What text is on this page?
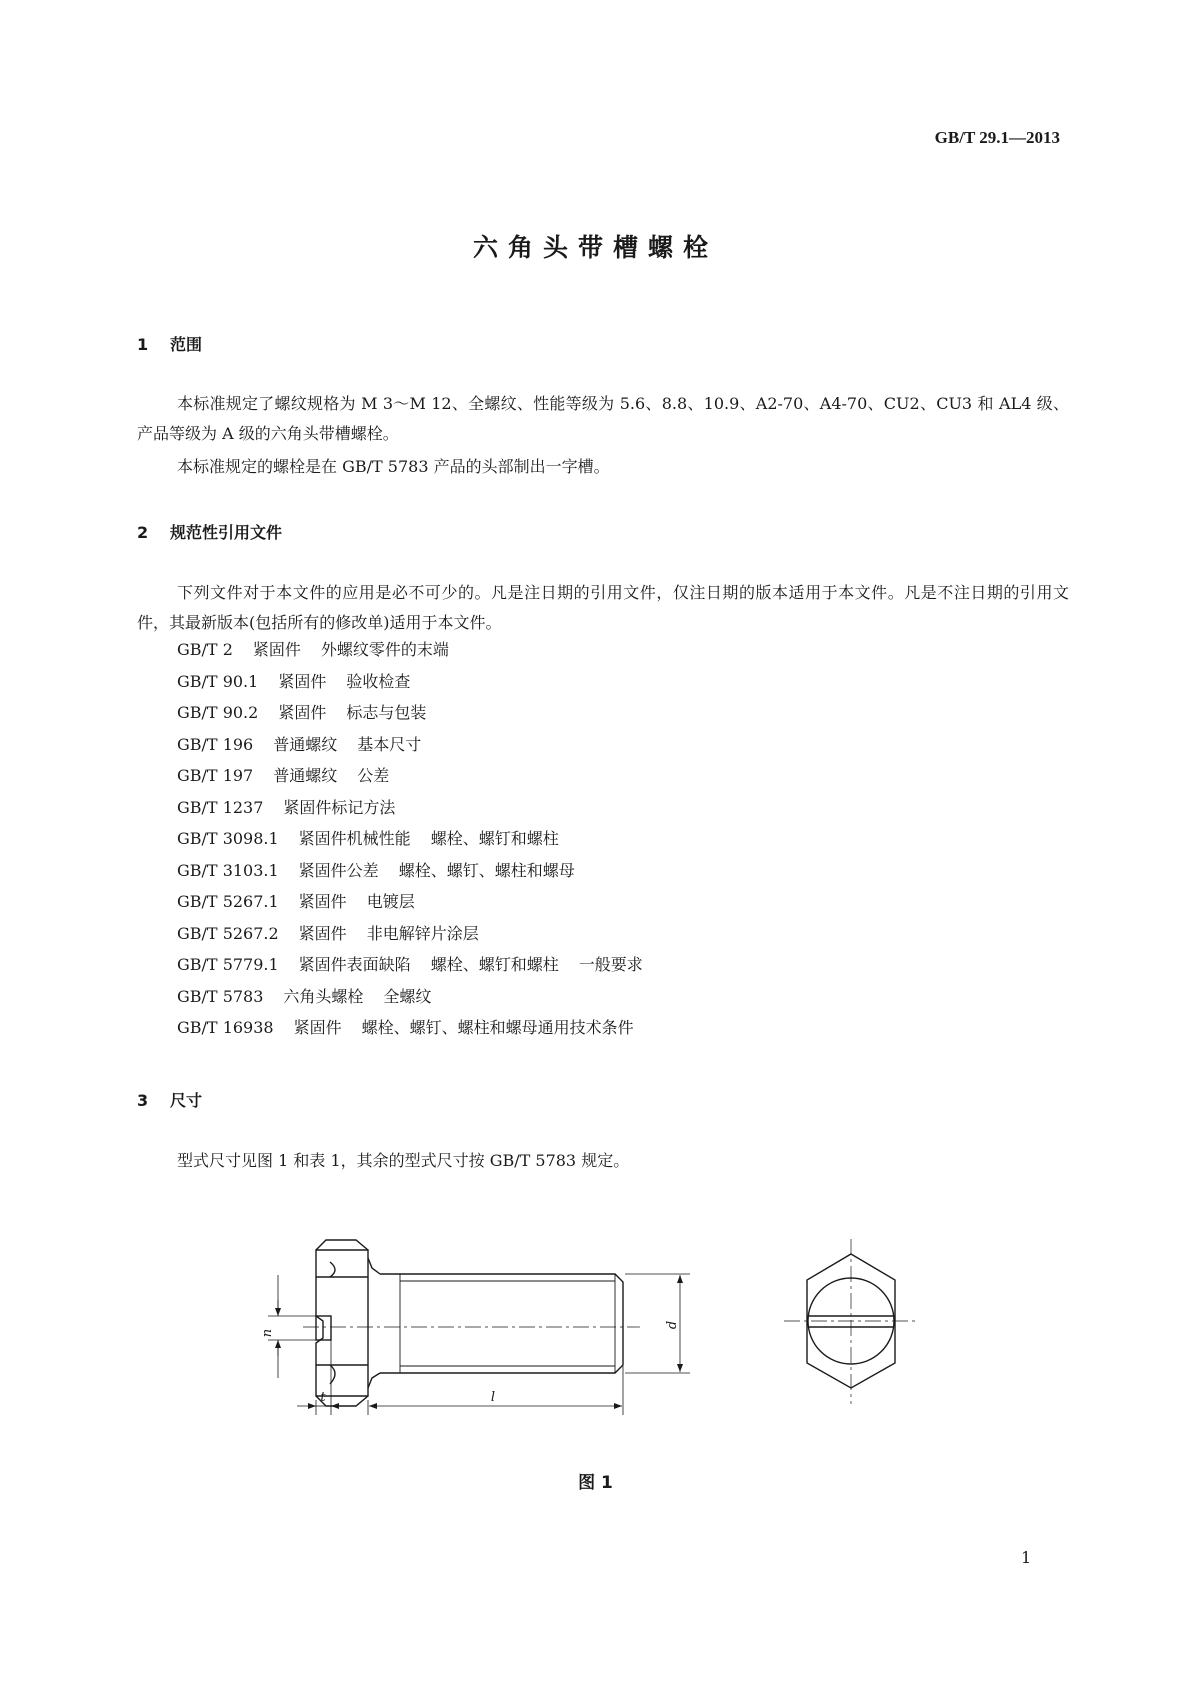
GB/T 29.1—2013
六角头带槽螺栓
1 范围
本标准规定了螺纹规格为 M 3～M 12、全螺纹、性能等级为 5.6、8.8、10.9、A2-70、A4-70、CU2、CU3 和 AL4 级、产品等级为 A 级的六角头带槽螺栓。
本标准规定的螺栓是在 GB/T 5783 产品的头部制出一字槽。
2 规范性引用文件
下列文件对于本文件的应用是必不可少的。凡是注日期的引用文件，仅注日期的版本适用于本文件。凡是不注日期的引用文件，其最新版本(包括所有的修改单)适用于本文件。
GB/T 2 紧固件 外螺纹零件的末端
GB/T 90.1 紧固件 验收检查
GB/T 90.2 紧固件 标志与包装
GB/T 196 普通螺纹 基本尺寸
GB/T 197 普通螺纹 公差
GB/T 1237 紧固件标记方法
GB/T 3098.1 紧固件机械性能 螺栓、螺钉和螺柱
GB/T 3103.1 紧固件公差 螺栓、螺钉、螺柱和螺母
GB/T 5267.1 紧固件 电镀层
GB/T 5267.2 紧固件 非电解锌片涂层
GB/T 5779.1 紧固件表面缺陷 螺栓、螺钉和螺柱 一般要求
GB/T 5783 六角头螺栓 全螺纹
GB/T 16938 紧固件 螺栓、螺钉、螺柱和螺母通用技术条件
3 尺寸
型式尺寸见图 1 和表 1，其余的型式尺寸按 GB/T 5783 规定。
n
t	l
d
图 1
1
